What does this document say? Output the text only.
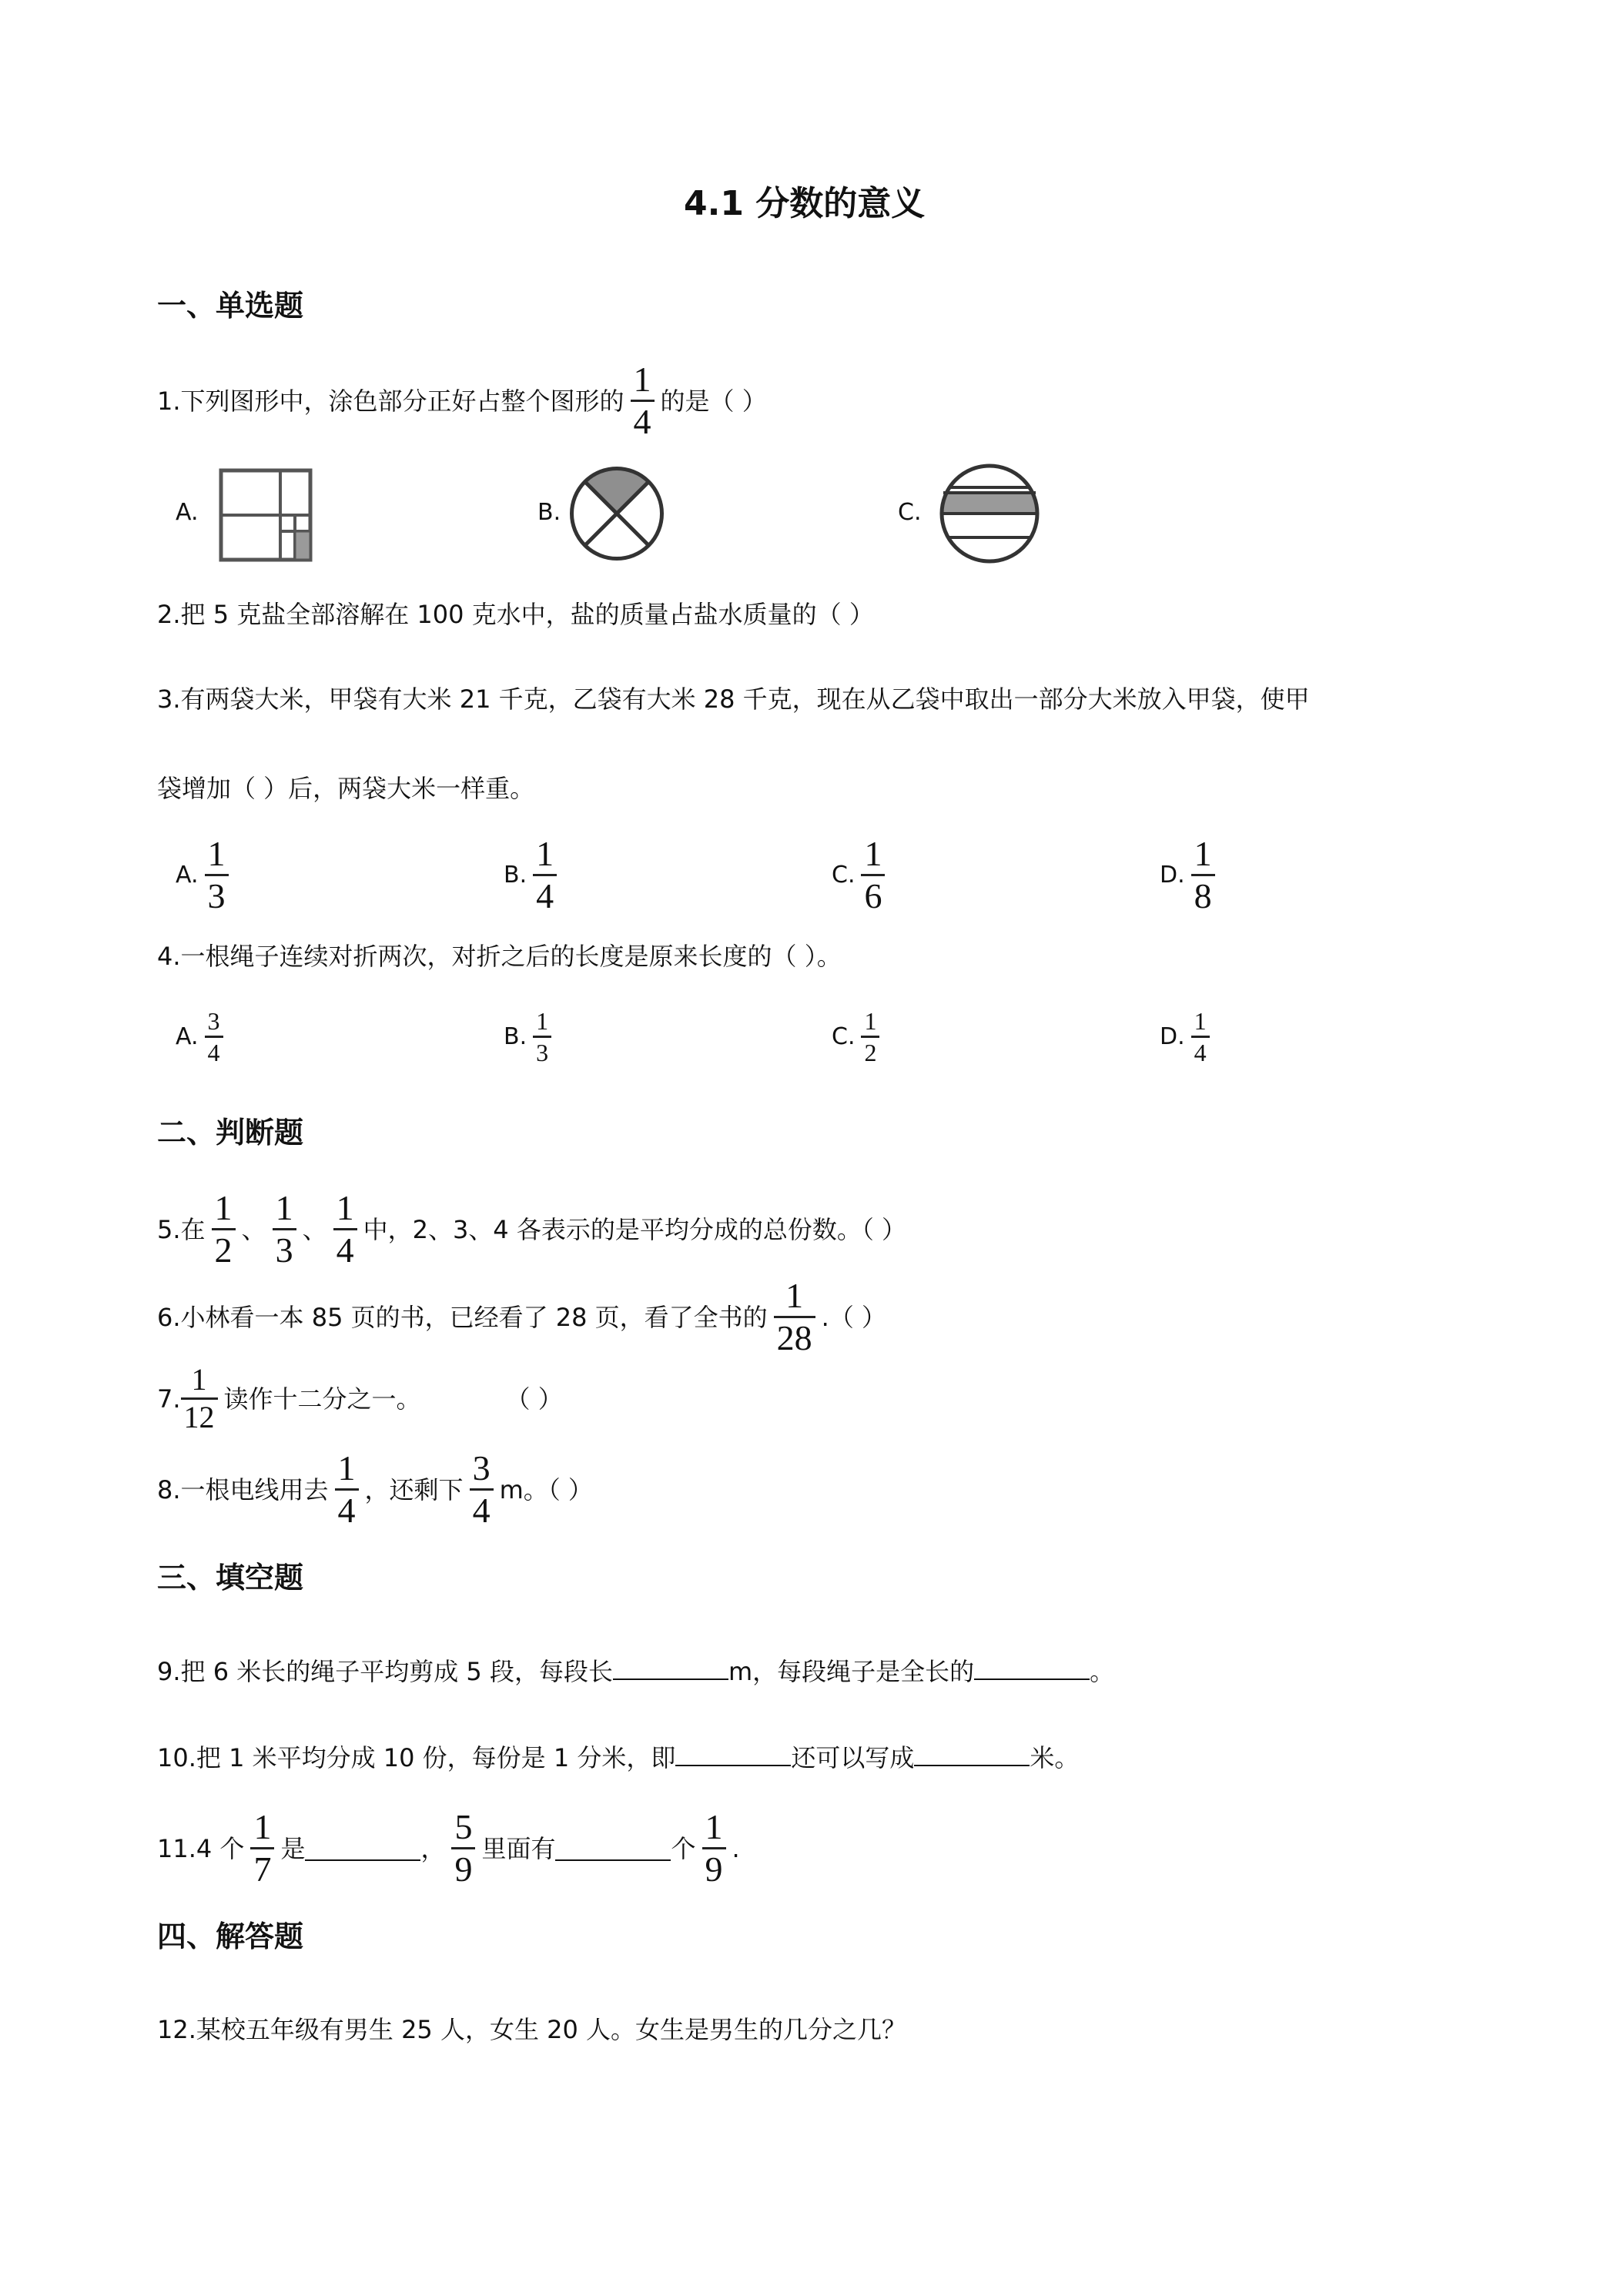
4.1 分数的意义
一、单选题
1.下列图形中，涂色部分正好占整个图形的 $\frac{1}{4}$ 的是（ ）
A.	B.	C.
2.把 5 克盐全部溶解在 100 克水中，盐的质量占盐水质量的（ ）
3.有两袋大米，甲袋有大米 21 千克，乙袋有大米 28 千克，现在从乙袋中取出一部分大米放入甲袋，使甲
袋增加（ ）后，两袋大米一样重。
A. $\frac{1}{3}$	B. $\frac{1}{4}$	C. $\frac{1}{6}$	D. $\frac{1}{8}$
4.一根绳子连续对折两次，对折之后的长度是原来长度的（ ）。
A. $\frac{3}{4}$	B. $\frac{1}{3}$	C. $\frac{1}{2}$	D. $\frac{1}{4}$
二、判断题
5.在 $\frac{1}{2}$ 、 $\frac{1}{3}$ 、 $\frac{1}{4}$ 中，2、3、4 各表示的是平均分成的总份数。（ ）
6.小林看一本 85 页的书，已经看了 28 页，看了全书的 $\frac{1}{28}$ .（ ）
7. $\frac{1}{12}$ 读作十二分之一。	（ ）
8.一根电线用去 $\frac{1}{4}$ ，还剩下 $\frac{3}{4}$ m。（ ）
三、填空题
9.把 6 米长的绳子平均剪成 5 段，每段长	m，每段绳子是全长的	。
10.把 1 米平均分成 10 份，每份是 1 分米，即	还可以写成	米。
11.4 个 $\frac{1}{7}$ 是	， $\frac{5}{9}$ 里面有	个 $\frac{1}{9}$ .
四、解答题
12.某校五年级有男生 25 人，女生 20 人。女生是男生的几分之几？
